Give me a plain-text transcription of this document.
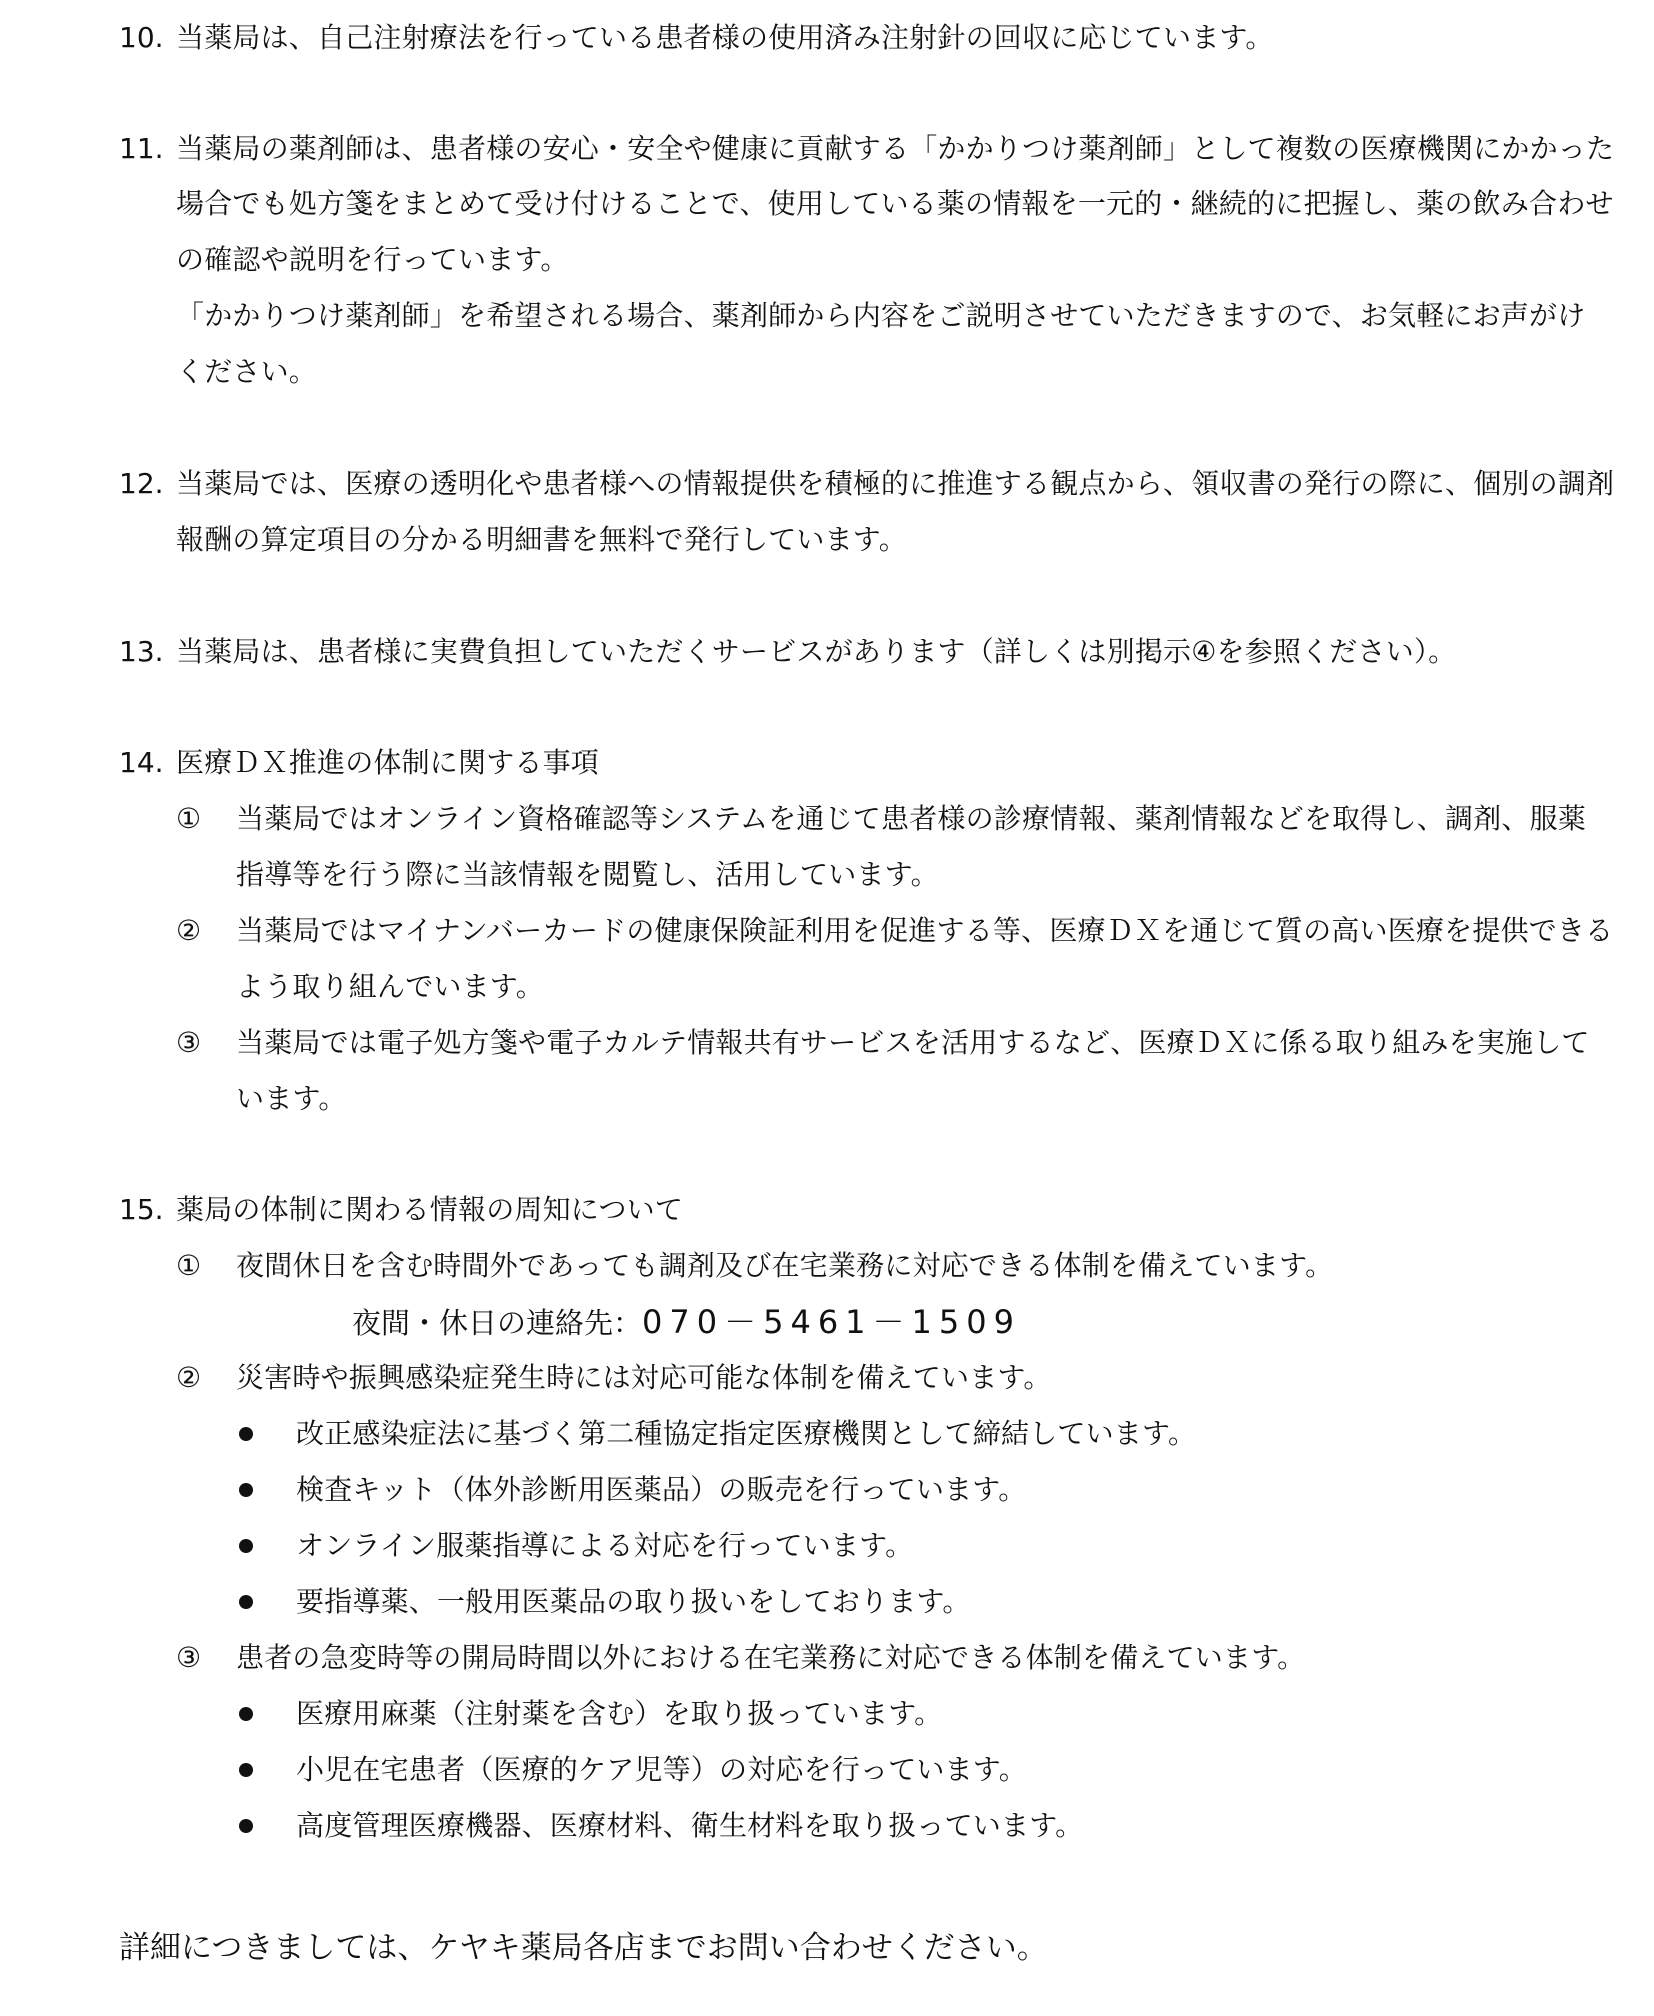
10. 当薬局は、自己注射療法を行っている患者様の使用済み注射針の回収に応じています。
11. 当薬局の薬剤師は、患者様の安心・安全や健康に貢献する「かかりつけ薬剤師」として複数の医療機関にかかった
場合でも処方箋をまとめて受け付けることで、使用している薬の情報を一元的・継続的に把握し、薬の飲み合わせ
の確認や説明を行っています。
「かかりつけ薬剤師」を希望される場合、薬剤師から内容をご説明させていただきますので、お気軽にお声がけ
ください。
12. 当薬局では、医療の透明化や患者様への情報提供を積極的に推進する観点から、領収書の発行の際に、個別の調剤
報酬の算定項目の分かる明細書を無料で発行しています。
13. 当薬局は、患者様に実費負担していただくサービスがあります（詳しくは別掲示④を参照ください）。
14. 医療ＤＸ推進の体制に関する事項
① 当薬局ではオンライン資格確認等システムを通じて患者様の診療情報、薬剤情報などを取得し、調剤、服薬
指導等を行う際に当該情報を閲覧し、活用しています。
② 当薬局ではマイナンバーカードの健康保険証利用を促進する等、医療ＤＸを通じて質の高い医療を提供できる
よう取り組んでいます。
③ 当薬局では電子処方箋や電子カルテ情報共有サービスを活用するなど、医療ＤＸに係る取り組みを実施して
います。
15. 薬局の体制に関わる情報の周知について
① 夜間休日を含む時間外であっても調剤及び在宅業務に対応できる体制を備えています。
夜間・休日の連絡先：070－5461－1509
② 災害時や振興感染症発生時には対応可能な体制を備えています。
改正感染症法に基づく第二種協定指定医療機関として締結しています。
検査キット（体外診断用医薬品）の販売を行っています。
オンライン服薬指導による対応を行っています。
要指導薬、一般用医薬品の取り扱いをしております。
③ 患者の急変時等の開局時間以外における在宅業務に対応できる体制を備えています。
医療用麻薬（注射薬を含む）を取り扱っています。
小児在宅患者（医療的ケア児等）の対応を行っています。
高度管理医療機器、医療材料、衛生材料を取り扱っています。
詳細につきましては、ケヤキ薬局各店までお問い合わせください。
